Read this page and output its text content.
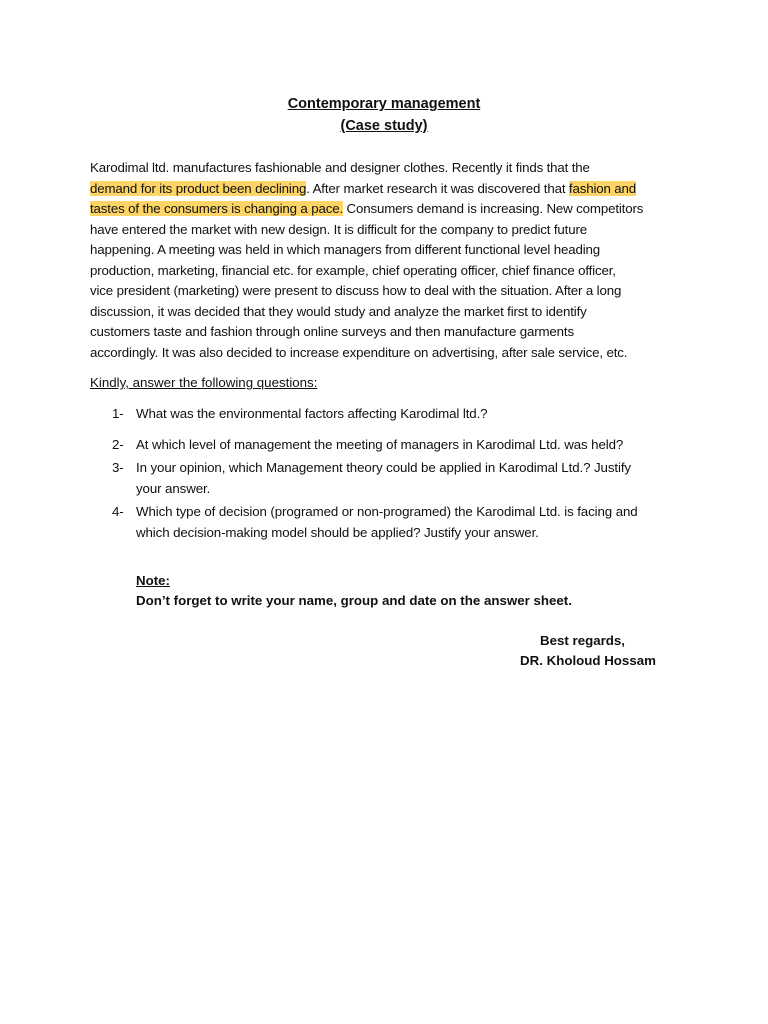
Contemporary management
(Case study)

Karodimal ltd. manufactures fashionable and designer clothes. Recently it finds that the
demand for its product been declining. After market research it was discovered that fashion and
tastes of the consumers is changing a pace. Consumers demand is increasing. New competitors
have entered the market with new design. It is difficult for the company to predict future
happening. A meeting was held in which managers from different functional level heading
production, marketing, financial etc. for example, chief operating officer, chief finance officer,
vice president (marketing) were present to discuss how to deal with the situation. After a long
discussion, it was decided that they would study and analyze the market first to identify
customers taste and fashion through online surveys and then manufacture garments
accordingly. It was also decided to increase expenditure on advertising, after sale service, etc.

Kindly, answer the following questions:
1- What was the environmental factors affecting Karodimal ltd.?
2- At which level of management the meeting of managers in Karodimal Ltd. was held?
3- In your opinion, which Management theory could be applied in Karodimal Ltd.? Justify
your answer.
4- Which type of decision (programed or non-programed) the Karodimal Ltd. is facing and
which decision-making model should be applied? Justify your answer.
Note:
Don’t forget to write your name, group and date on the answer sheet.
Best regards,
DR. Kholoud Hossam
